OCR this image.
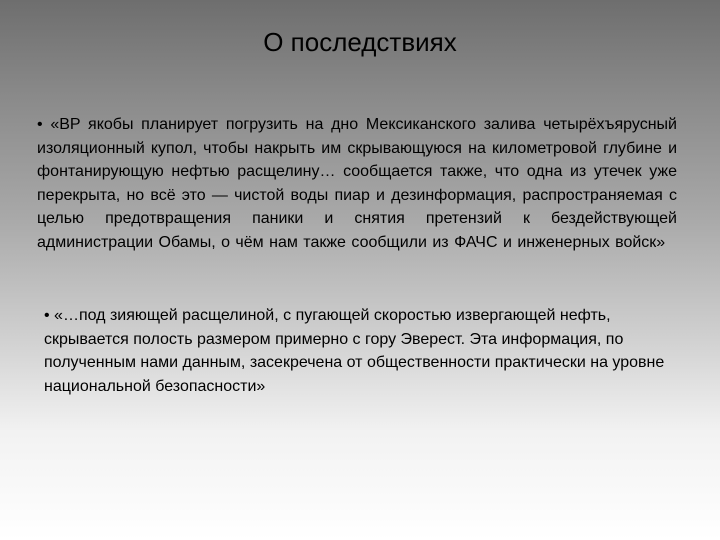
О последствиях
• «BP якобы планирует погрузить на дно Мексиканского залива четырёхъярусный изоляционный купол, чтобы накрыть им скрывающуюся на километровой глубине и фонтанирующую нефтью расщелину… сообщается также, что одна из утечек уже перекрыта, но всё это — чистой воды пиар и дезинформация, распространяемая с целью предотвращения паники и снятия претензий к бездействующей администрации Обамы, о чём нам также сообщили из ФАЧС и инженерных войск»
• «…под зияющей расщелиной, с пугающей скоростью извергающей нефть, скрывается полость размером примерно с гору Эверест. Эта информация, по полученным нами данным, засекречена от общественности практически на уровне национальной безопасности»
